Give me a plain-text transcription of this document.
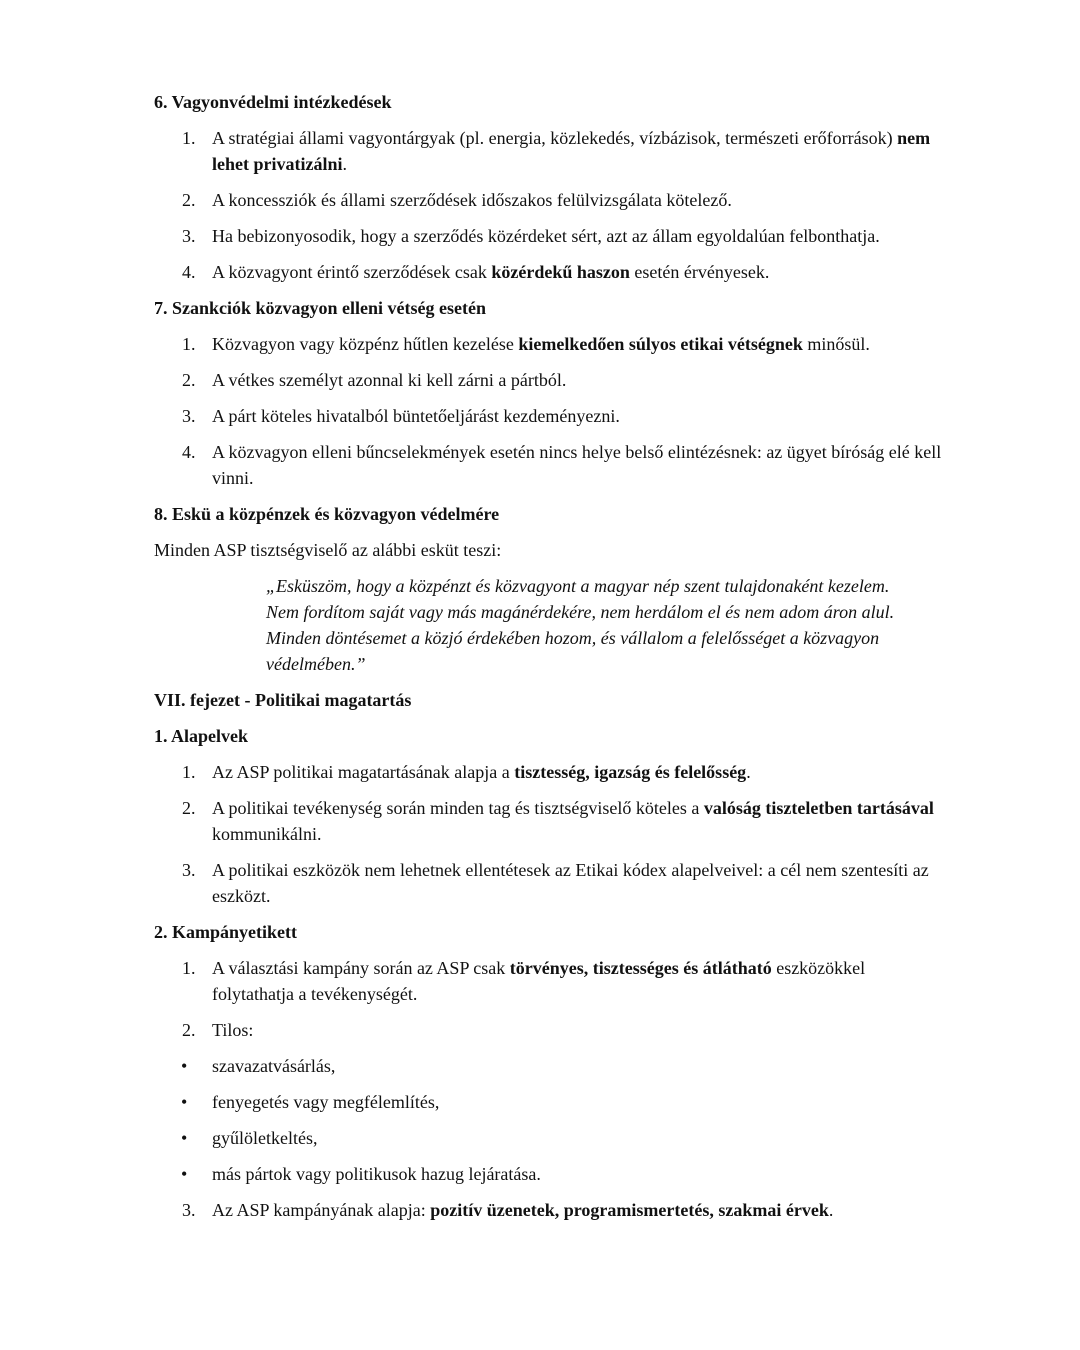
6. Vagyonvédelmi intézkedések
1. A stratégiai állami vagyontárgyak (pl. energia, közlekedés, vízbázisok, természeti erőforrások) nem lehet privatizálni.
2. A koncessziók és állami szerződések időszakos felülvizsgálata kötelező.
3. Ha bebizonyosodik, hogy a szerződés közérdeket sért, azt az állam egyoldalúan felbonthatja.
4. A közvagyont érintő szerződések csak közérdekű haszon esetén érvényesek.
7. Szankciók közvagyon elleni vétség esetén
1. Közvagyon vagy közpénz hűtlen kezelése kiemelkedően súlyos etikai vétségnek minősül.
2. A vétkes személyt azonnal ki kell zárni a pártból.
3. A párt köteles hivatalból büntetőeljárást kezdeményezni.
4. A közvagyon elleni bűncselekmények esetén nincs helye belső elintézésnek: az ügyet bíróság elé kell vinni.
8. Eskü a közpénzek és közvagyon védelmére

Minden ASP tisztségviselő az alábbi esküt teszi:

„Esküszöm, hogy a közpénzt és közvagyont a magyar nép szent tulajdonaként kezelem. Nem fordítom saját vagy más magánérdekére, nem herdálom el és nem adom áron alul. Minden döntésemet a közjó érdekében hozom, és vállalom a felelősséget a közvagyon védelmében.”

VII. fejezet - Politikai magatartás
1. Alapelvek
1. Az ASP politikai magatartásának alapja a tisztesség, igazság és felelősség.
2. A politikai tevékenység során minden tag és tisztségviselő köteles a valóság tiszteletben tartásával kommunikálni.
3. A politikai eszközök nem lehetnek ellentétesek az Etikai kódex alapelveivel: a cél nem szentesíti az eszközt.
2. Kampányetikett
1. A választási kampány során az ASP csak törvényes, tisztességes és átlátható eszközökkel folytathatja a tevékenységét.
2. Tilos:
• szavazatvásárlás,
• fenyegetés vagy megfélemlítés,
• gyűlöletkeltés,
• más pártok vagy politikusok hazug lejáratása.
3. Az ASP kampányának alapja: pozitív üzenetek, programismertetés, szakmai érvek.
